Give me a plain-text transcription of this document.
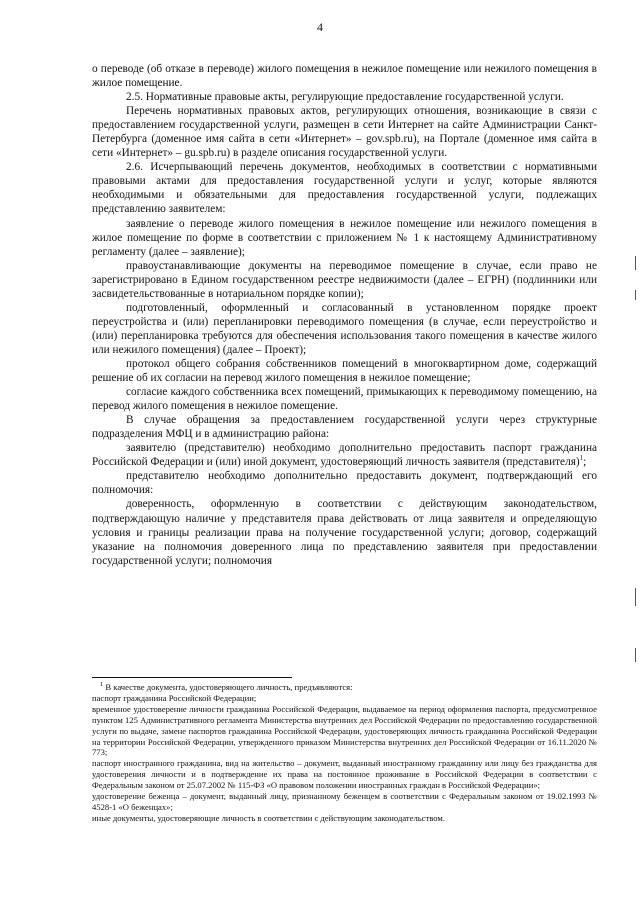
4

о переводе (об отказе в переводе) жилого помещения в нежилое помещение или нежилого помещения в жилое помещение.

2.5. Нормативные правовые акты, регулирующие предоставление государственной услуги.

Перечень нормативных правовых актов, регулирующих отношения, возникающие в связи с предоставлением государственной услуги, размещен в сети Интернет на сайте Администрации Санкт-Петербурга (доменное имя сайта в сети «Интернет» – gov.spb.ru), на Портале (доменное имя сайта в сети «Интернет» – gu.spb.ru) в разделе описания государственной услуги.

2.6. Исчерпывающий перечень документов, необходимых в соответствии с нормативными правовыми актами для предоставления государственной услуги и услуг, которые являются необходимыми и обязательными для предоставления государственной услуги, подлежащих представлению заявителем:

заявление о переводе жилого помещения в нежилое помещение или нежилого помещения в жилое помещение по форме в соответствии с приложением № 1 к настоящему Административному регламенту (далее – заявление);

правоустанавливающие документы на переводимое помещение в случае, если право не зарегистрировано в Едином государственном реестре недвижимости (далее – ЕГРН) (подлинники или засвидетельствованные в нотариальном порядке копии);

подготовленный, оформленный и согласованный в установленном порядке проект переустройства и (или) перепланировки переводимого помещения (в случае, если переустройство и (или) перепланировка требуются для обеспечения использования такого помещения в качестве жилого или нежилого помещения) (далее – Проект);

протокол общего собрания собственников помещений в многоквартирном доме, содержащий решение об их согласии на перевод жилого помещения в нежилое помещение;

согласие каждого собственника всех помещений, примыкающих к переводимому помещению, на перевод жилого помещения в нежилое помещение.

В случае обращения за предоставлением государственной услуги через структурные подразделения МФЦ и в администрацию района:

заявителю (представителю) необходимо дополнительно предоставить паспорт гражданина Российской Федерации и (или) иной документ, удостоверяющий личность заявителя (представителя)$^1$;

представителю необходимо дополнительно предоставить документ, подтверждающий его полномочия:

доверенность, оформленную в соответствии с действующим законодательством, подтверждающую наличие у представителя права действовать от лица заявителя и определяющую условия и границы реализации права на получение государственной услуги; договор, содержащий указание на полномочия доверенного лица по представлению заявителя при предоставлении государственной услуги; полномочия

$^1$ В качестве документа, удостоверяющего личность, предъявляются:

паспорт гражданина Российской Федерации;

временное удостоверение личности гражданина Российской Федерации, выдаваемое на период оформления паспорта, предусмотренное пунктом 125 Административного регламента Министерства внутренних дел Российской Федерации по предоставлению государственной услуги по выдаче, замене паспортов гражданина Российской Федерации, удостоверяющих личность гражданина Российской Федерации на территории Российской Федерации, утвержденного приказом Министерства внутренних дел Российской Федерации от 16.11.2020 № 773;

паспорт иностранного гражданина, вид на жительство – документ, выданный иностранному гражданину или лицу без гражданства для удостоверения личности и в подтверждение их права на постоянное проживание в Российской Федерации в соответствии с Федеральным законом от 25.07.2002 № 115-ФЗ «О правовом положении иностранных граждан в Российской Федерации»;

удостоверение беженца – документ, выданный лицу, признанному беженцем в соответствии с Федеральным законом от 19.02.1993 № 4528-1 «О беженцах»;

иные документы, удостоверяющие личность в соответствии с действующим законодательством.
